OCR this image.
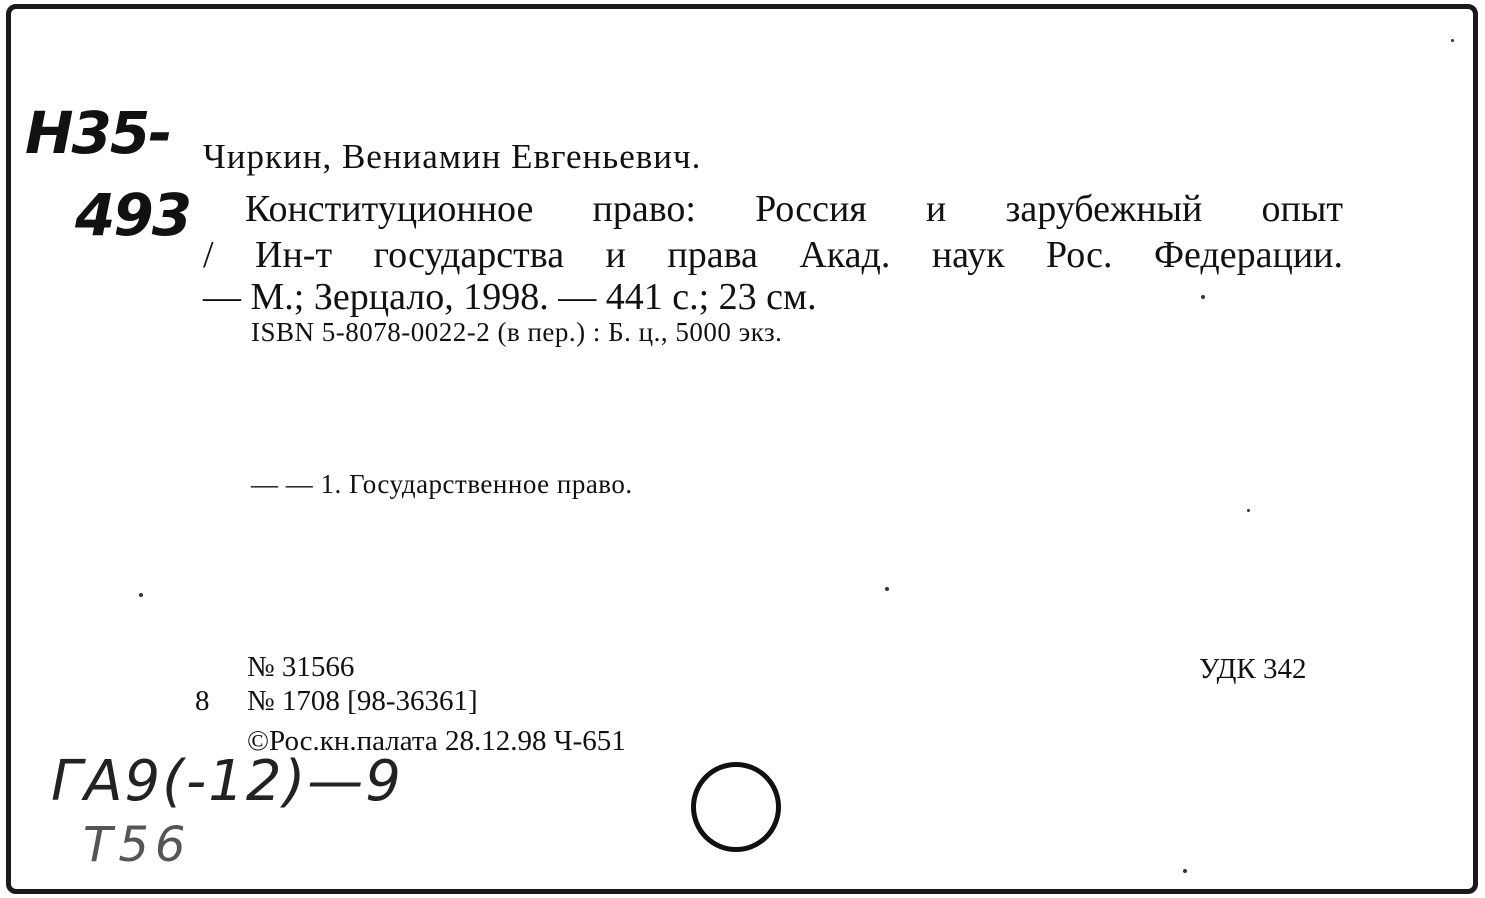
Н35-
493
Чиркин, Вениамин Евгеньевич.
Конституционное право: Россия и зарубежный опыт
/ Ин-т государства и права Акад. наук Рос. Федерации.
— М.; Зерцало, 1998. — 441 с.; 23 см.
ISBN 5-8078-0022-2 (в пер.) : Б. ц., 5000 экз.
— — 1. Государственное право.
№ 31566
8 № 1708 [98-36361]
©Рос.кн.палата 28.12.98 Ч-651
УДК 342
ГА9(-12)—9
Т56
